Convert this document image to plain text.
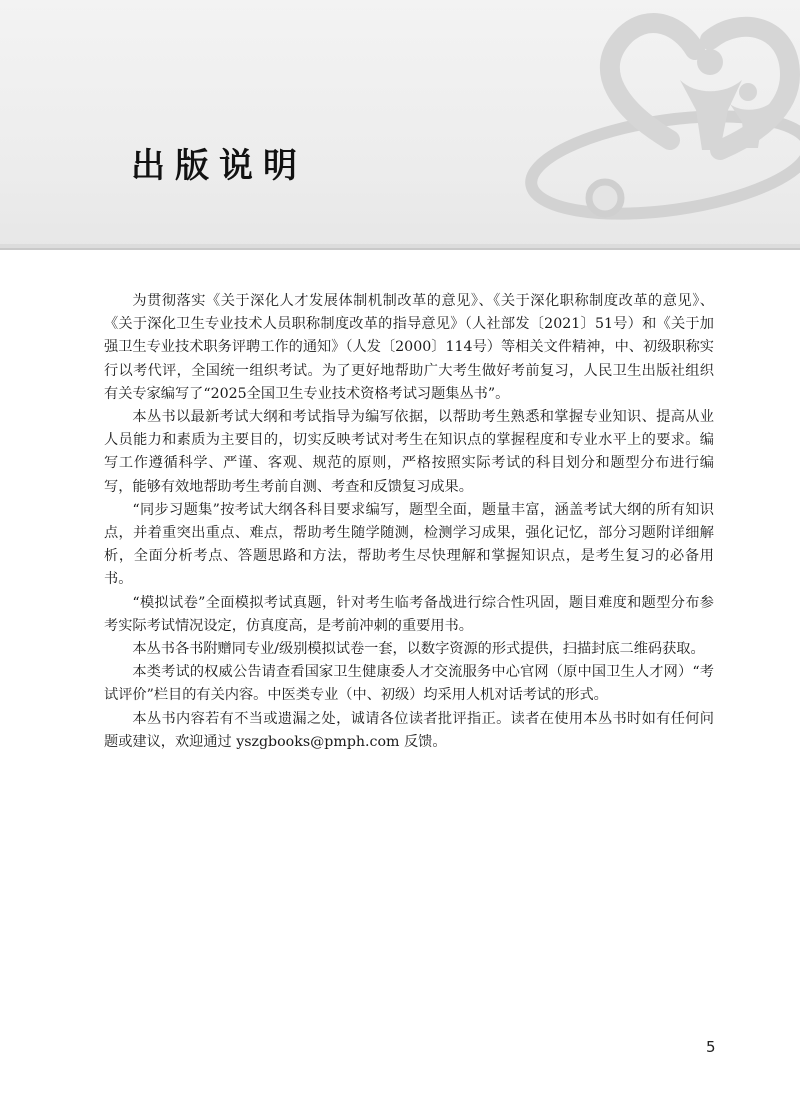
出版说明

为贯彻落实《关于深化人才发展体制机制改革的意见》、《关于深化职称制度改革的意见》、《关于深化卫生专业技术人员职称制度改革的指导意见》（人社部发〔2021〕51号）和《关于加强卫生专业技术职务评聘工作的通知》（人发〔2000〕114号）等相关文件精神，中、初级职称实行以考代评，全国统一组织考试。为了更好地帮助广大考生做好考前复习，人民卫生出版社组织有关专家编写了“2025全国卫生专业技术资格考试习题集丛书”。

本丛书以最新考试大纲和考试指导为编写依据，以帮助考生熟悉和掌握专业知识、提高从业人员能力和素质为主要目的，切实反映考试对考生在知识点的掌握程度和专业水平上的要求。编写工作遵循科学、严谨、客观、规范的原则，严格按照实际考试的科目划分和题型分布进行编写，能够有效地帮助考生考前自测、考查和反馈复习成果。

“同步习题集”按考试大纲各科目要求编写，题型全面，题量丰富，涵盖考试大纲的所有知识点，并着重突出重点、难点，帮助考生随学随测，检测学习成果，强化记忆，部分习题附详细解析，全面分析考点、答题思路和方法，帮助考生尽快理解和掌握知识点，是考生复习的必备用书。

“模拟试卷”全面模拟考试真题，针对考生临考备战进行综合性巩固，题目难度和题型分布参考实际考试情况设定，仿真度高，是考前冲刺的重要用书。

本丛书各书附赠同专业/级别模拟试卷一套，以数字资源的形式提供，扫描封底二维码获取。

本类考试的权威公告请查看国家卫生健康委人才交流服务中心官网（原中国卫生人才网）“考试评价”栏目的有关内容。中医类专业（中、初级）均采用人机对话考试的形式。

本丛书内容若有不当或遗漏之处，诚请各位读者批评指正。读者在使用本丛书时如有任何问题或建议，欢迎通过 yszgbooks@pmph.com 反馈。

5
